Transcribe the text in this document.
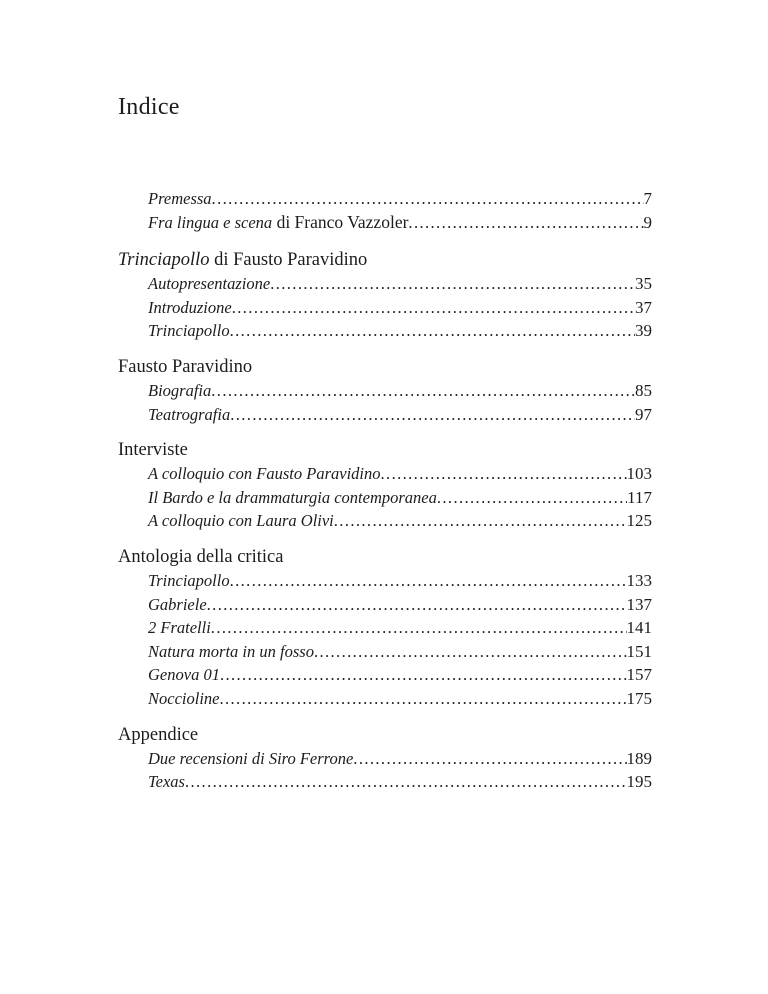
Indice
Premessa .....	7
Fra lingua e scena di Franco Vazzoler .....	9
Trinciapollo di Fausto Paravidino
Autopresentazione .....	35
Introduzione .....	37
Trinciapollo .....	39
Fausto Paravidino
Biografia .....	85
Teatrografia .....	97
Interviste
A colloquio con Fausto Paravidino .....	103
Il Bardo e la drammaturgia contemporanea .....	117
A colloquio con Laura Olivi .....	125
Antologia della critica
Trinciapollo .....	133
Gabriele .....	137
2 Fratelli .....	141
Natura morta in un fosso .....	151
Genova 01 .....	157
Noccioline .....	175
Appendice
Due recensioni di Siro Ferrone .....	189
Texas .....	195
